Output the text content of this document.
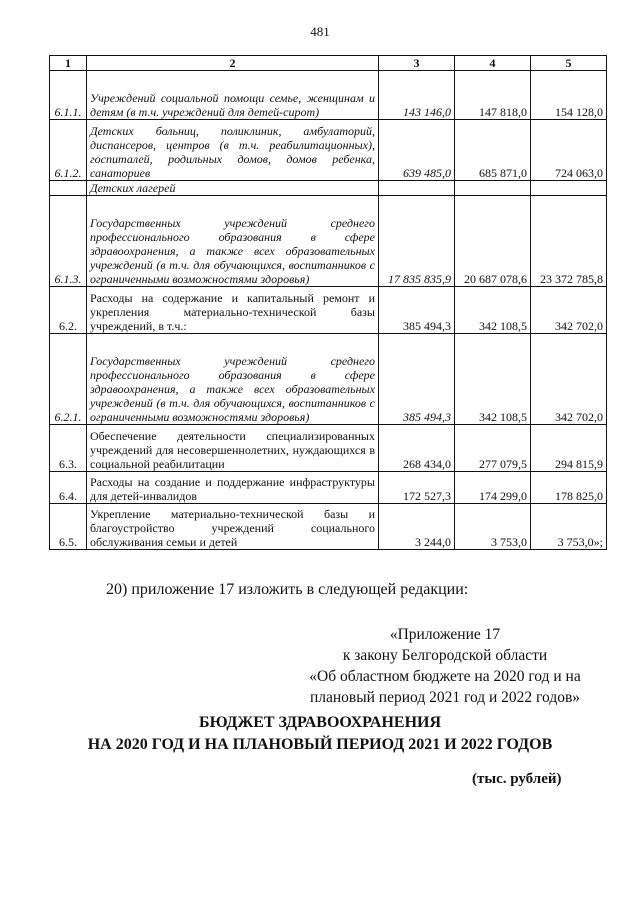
481
1	2	3	4	5
6.1.1.	Учреждений социальной помощи семье, женщинам и детям (в т.ч. учреждений для детей-сирот)	143 146,0	147 818,0	154 128,0
6.1.2.	Детских больниц, поликлиник, амбулаторий, диспансеров, центров (в т.ч. реабилитационных), госпиталей, родильных домов, домов ребенка, санаториев	639 485,0	685 871,0	724 063,0
	Детских лагерей			
6.1.3.	Государственных учреждений среднего профессионального образования в сфере здравоохранения, а также всех образовательных учреждений (в т.ч. для обучающихся, воспитанников с ограниченными возможностями здоровья)	17 835 835,9	20 687 078,6	23 372 785,8
6.2.	Расходы на содержание и капитальный ремонт и укрепления материально-технической базы учреждений, в т.ч.:	385 494,3	342 108,5	342 702,0
6.2.1.	Государственных учреждений среднего профессионального образования в сфере здравоохранения, а также всех образовательных учреждений (в т.ч. для обучающихся, воспитанников с ограниченными возможностями здоровья)	385 494,3	342 108,5	342 702,0
6.3.	Обеспечение деятельности специализированных учреждений для несовершеннолетних, нуждающихся в социальной реабилитации	268 434,0	277 079,5	294 815,9
6.4.	Расходы на создание и поддержание инфраструктуры для детей-инвалидов	172 527,3	174 299,0	178 825,0
6.5.	Укрепление материально-технической базы и благоустройство учреждений социального обслуживания семьи и детей	3 244,0	3 753,0	3 753,0»;
20) приложение 17 изложить в следующей редакции:
«Приложение 17
к закону Белгородской области
«Об областном бюджете на 2020 год и на
плановый период 2021 год и 2022 годов»
БЮДЖЕТ ЗДРАВООХРАНЕНИЯ
НА 2020 ГОД И НА ПЛАНОВЫЙ ПЕРИОД 2021 И 2022 ГОДОВ
(тыс. рублей)
